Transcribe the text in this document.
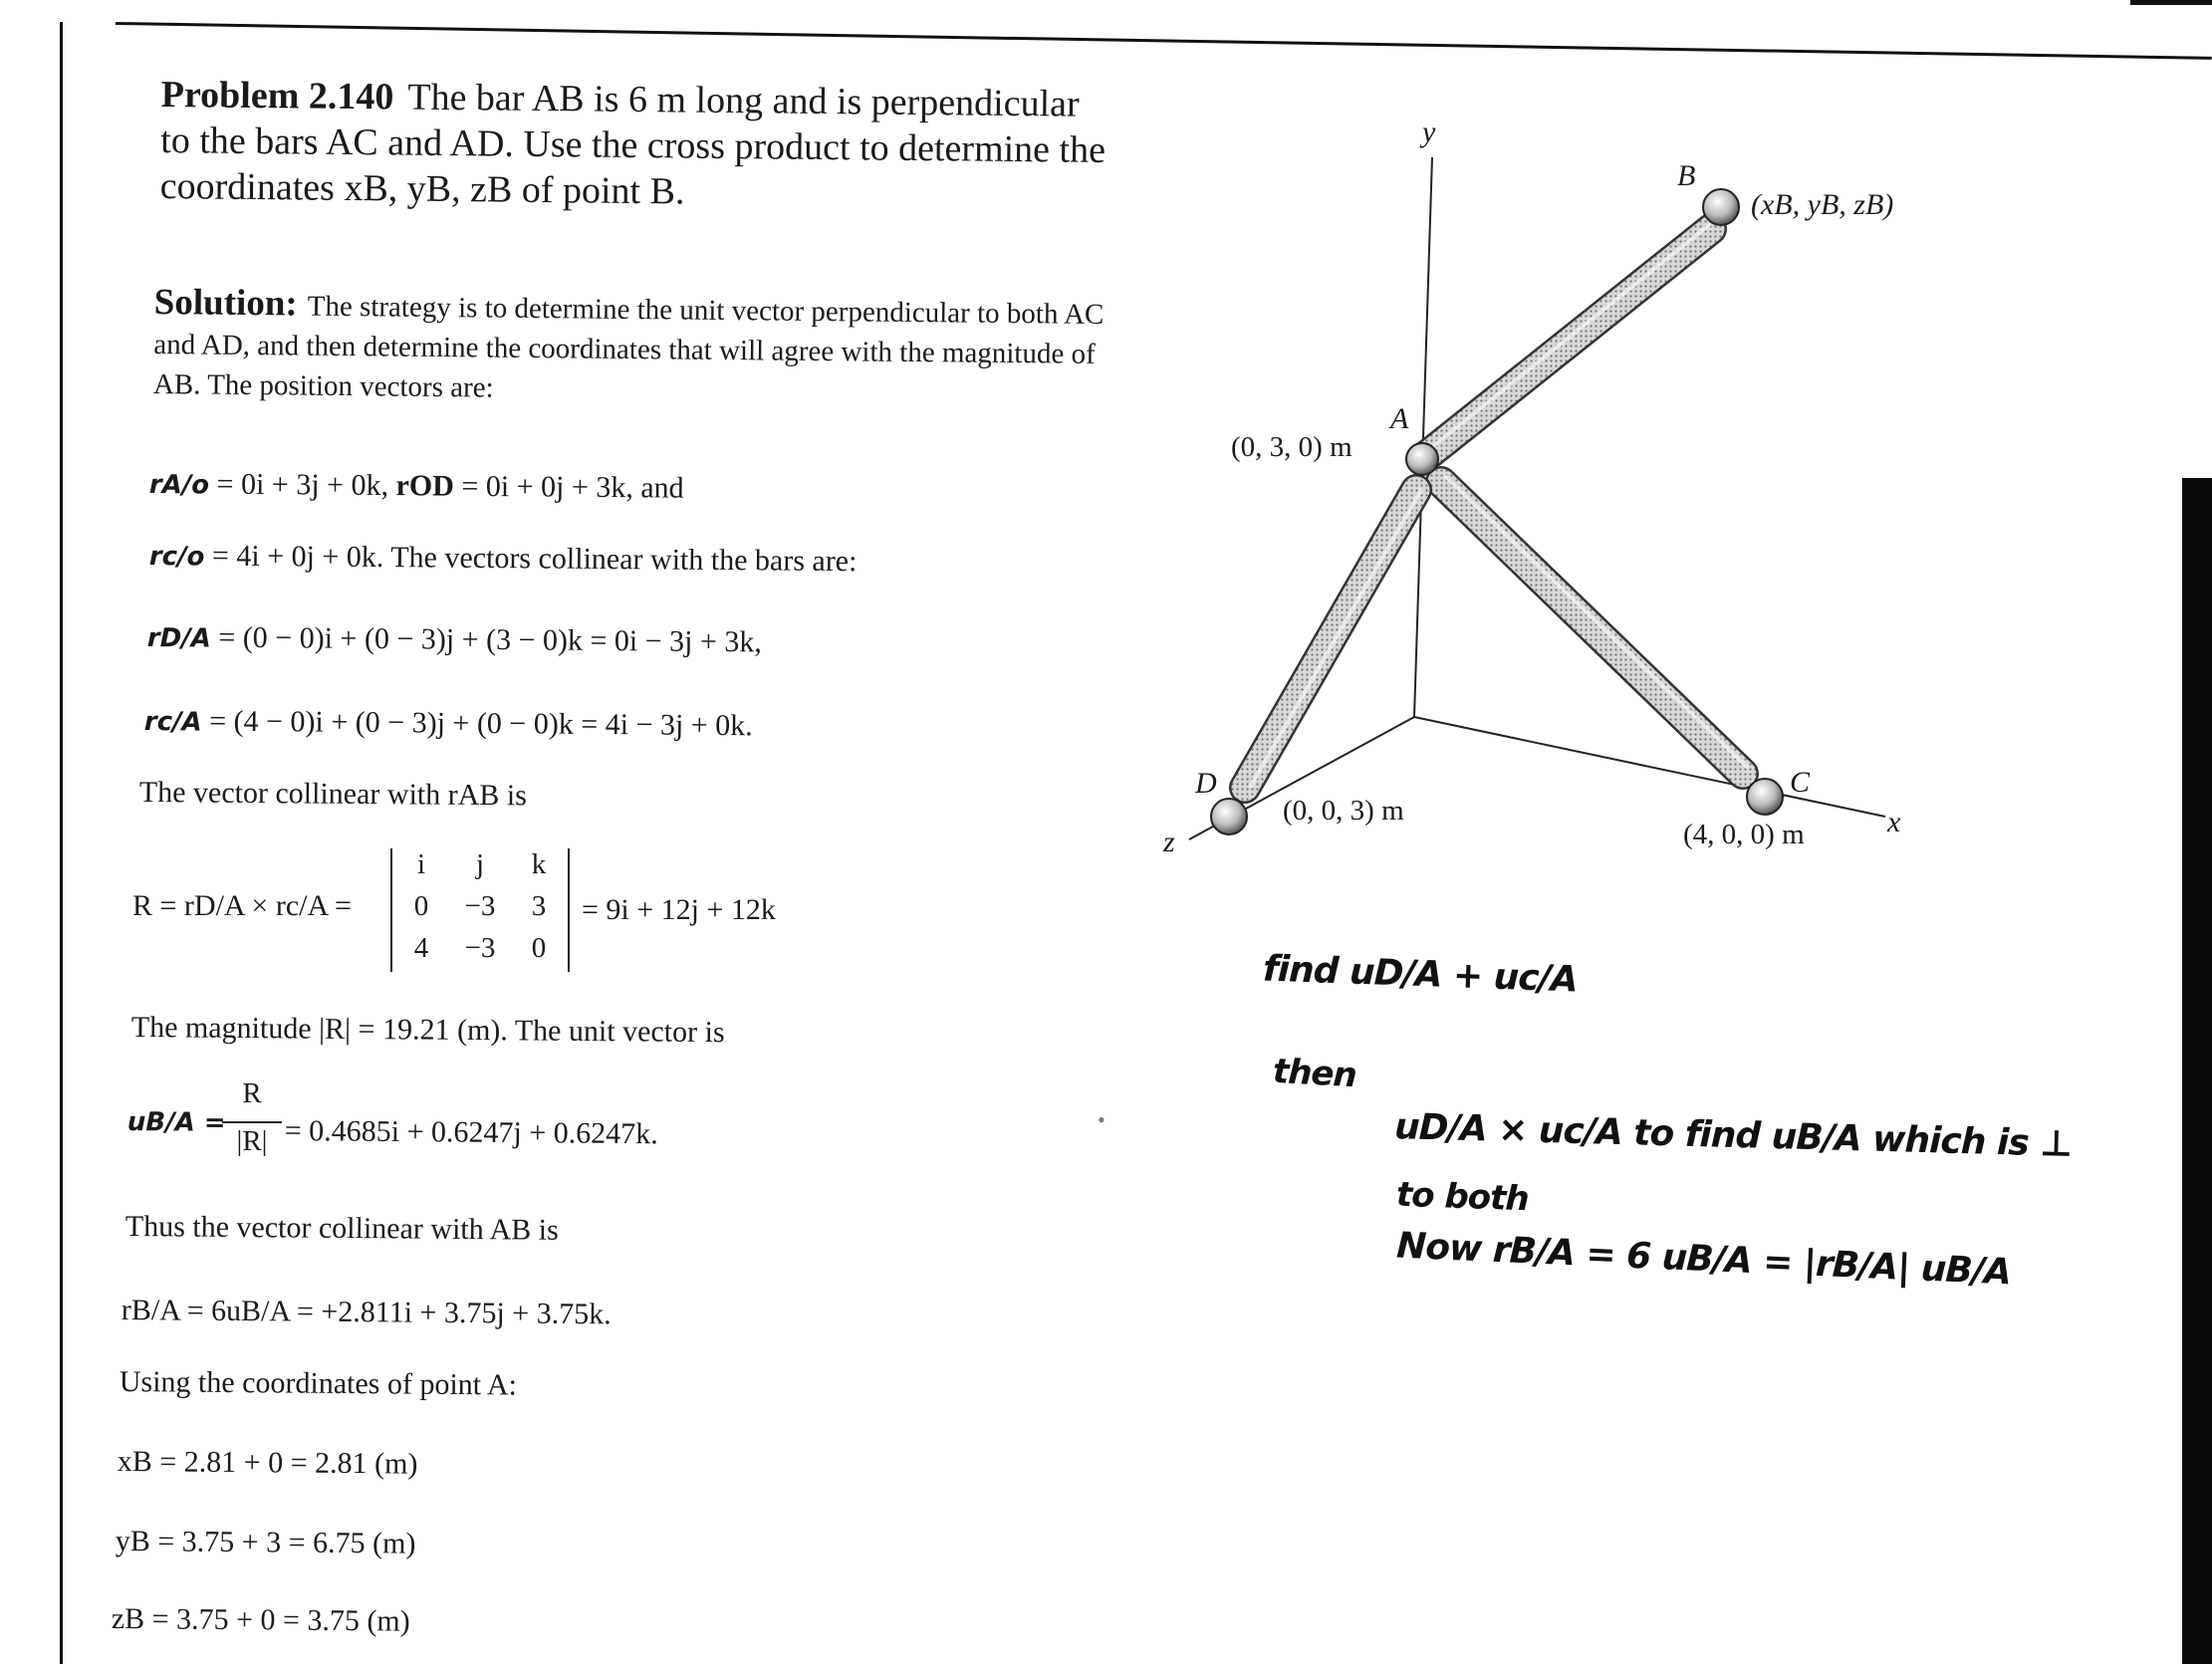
Problem 2.140 The bar AB is 6 m long and is perpendicular to the bars AC and AD. Use the cross product to determine the coordinates xB, yB, zB of point B.
Solution: The strategy is to determine the unit vector perpendicular to both AC and AD, and then determine the coordinates that will agree with the magnitude of AB. The position vectors are:
rA/o = 0i + 3j + 0k, rOD = 0i + 0j + 3k, and
rc/o = 4i + 0j + 0k. The vectors collinear with the bars are:
rD/A = (0 − 0)i + (0 − 3)j + (3 − 0)k = 0i − 3j + 3k,
rc/A = (4 − 0)i + (0 − 3)j + (0 − 0)k = 4i − 3j + 0k.
The vector collinear with rAB is
R = rD/A × rc/A =
i	j	k
0	−3	3
4	−3	0
= 9i + 12j + 12k
The magnitude |R| = 19.21 (m). The unit vector is
uB/A =
R
|R| = 0.4685i + 0.6247j + 0.6247k.	•
Thus the vector collinear with AB is
rB/A = 6uB/A = +2.811i + 3.75j + 3.75k.
Using the coordinates of point A:
xB = 2.81 + 0 = 2.81 (m)
yB = 3.75 + 3 = 6.75 (m)
zB = 3.75 + 0 = 3.75 (m)
y
x
z
B
(xB, yB, zB)
A
(0, 3, 0) m
D
(0, 0, 3) m
C
(4, 0, 0) m
find uD/A + uc/A
then
uD/A × uc/A to find uB/A which is ⊥
to both
Now rB/A = 6 uB/A = |rB/A| uB/A
